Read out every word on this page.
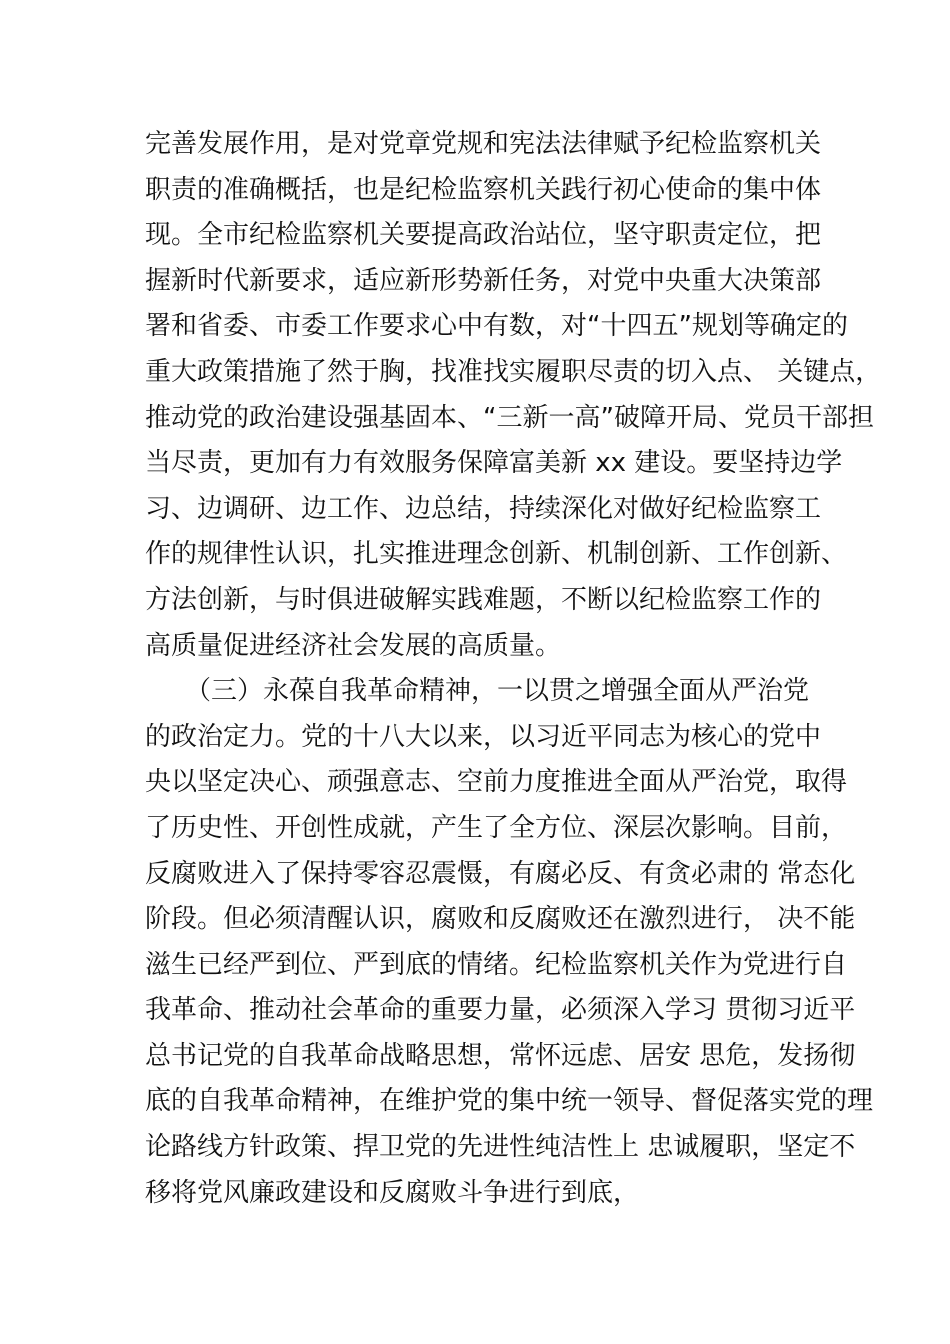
完善发展作用，是对党章党规和宪法法律赋予纪检监察机关
职责的准确概括，也是纪检监察机关践行初心使命的集中体
现。全市纪检监察机关要提高政治站位，坚守职责定位，把
握新时代新要求，适应新形势新任务，对党中央重大决策部
署和省委、市委工作要求心中有数，对“十四五”规划等确定的
重大政策措施了然于胸，找准找实履职尽责的切入点、 关键点，
推动党的政治建设强基固本、“三新一高”破障开局、党员干部担
当尽责，更加有力有效服务保障富美新 xx 建设。要坚持边学
习、边调研、边工作、边总结，持续深化对做好纪检监察工
作的规律性认识，扎实推进理念创新、机制创新、工作创新、
方法创新，与时俱进破解实践难题，不断以纪检监察工作的
高质量促进经济社会发展的高质量。
（三）永葆自我革命精神，一以贯之增强全面从严治党
的政治定力。党的十八大以来，以习近平同志为核心的党中
央以坚定决心、顽强意志、空前力度推进全面从严治党，取得
了历史性、开创性成就，产生了全方位、深层次影响。目前，
反腐败进入了保持零容忍震慑，有腐必反、有贪必肃的 常态化
阶段。但必须清醒认识，腐败和反腐败还在激烈进行， 决不能
滋生已经严到位、严到底的情绪。纪检监察机关作为党进行自
我革命、推动社会革命的重要力量，必须深入学习 贯彻习近平
总书记党的自我革命战略思想，常怀远虑、居安 思危，发扬彻
底的自我革命精神，在维护党的集中统一领导、督促落实党的理
论路线方针政策、捍卫党的先进性纯洁性上 忠诚履职，坚定不
移将党风廉政建设和反腐败斗争进行到底，
